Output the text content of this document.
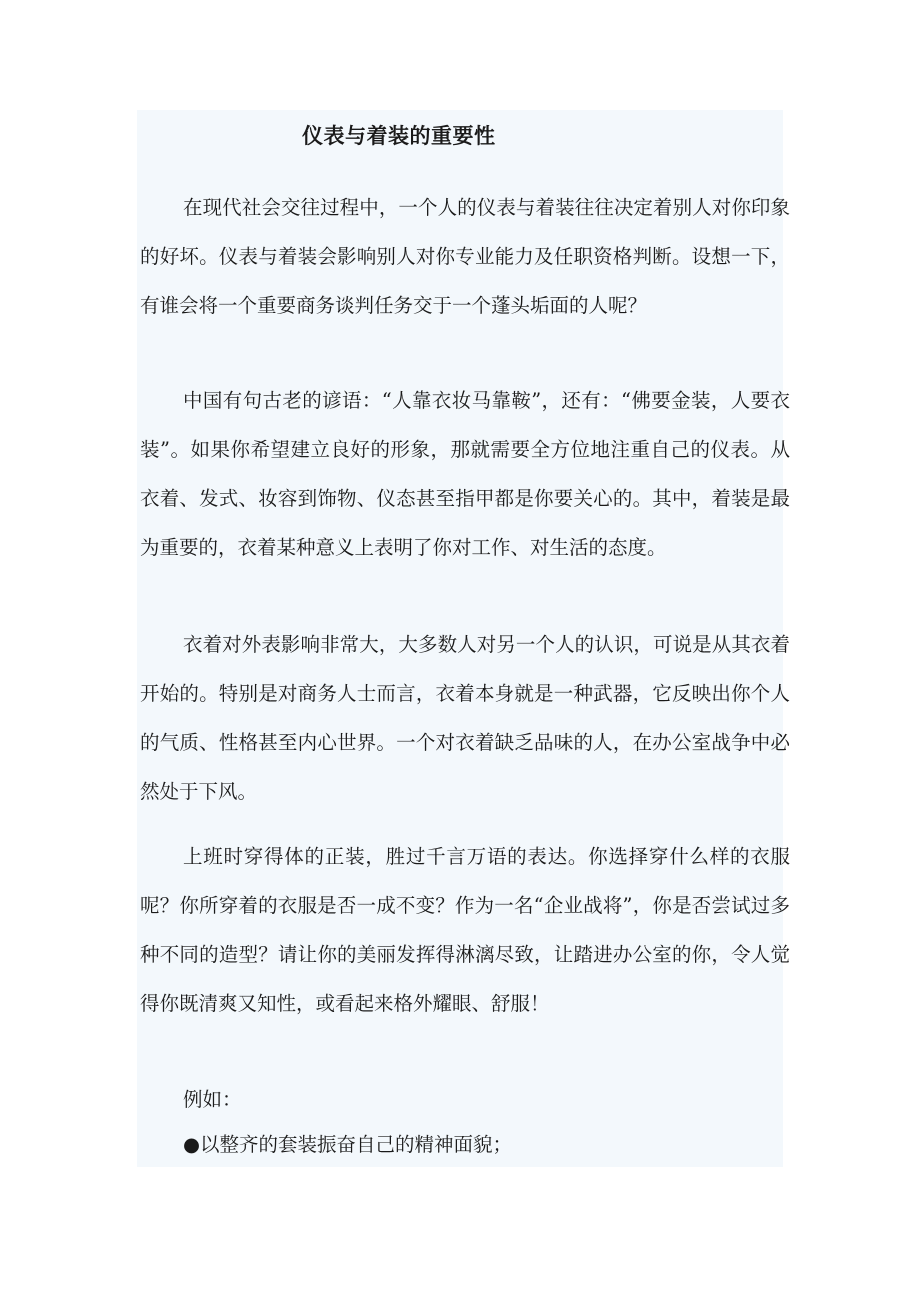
仪表与着装的重要性

在现代社会交往过程中，一个人的仪表与着装往往决定着别人对你印象的好坏。仪表与着装会影响别人对你专业能力及任职资格判断。设想一下，有谁会将一个重要商务谈判任务交于一个蓬头垢面的人呢？

中国有句古老的谚语：“人靠衣妆马靠鞍”，还有：“佛要金装，人要衣装”。如果你希望建立良好的形象，那就需要全方位地注重自己的仪表。从衣着、发式、妆容到饰物、仪态甚至指甲都是你要关心的。其中，着装是最为重要的，衣着某种意义上表明了你对工作、对生活的态度。

衣着对外表影响非常大，大多数人对另一个人的认识，可说是从其衣着开始的。特别是对商务人士而言，衣着本身就是一种武器，它反映出你个人的气质、性格甚至内心世界。一个对衣着缺乏品味的人，在办公室战争中必然处于下风。

上班时穿得体的正装，胜过千言万语的表达。你选择穿什么样的衣服呢？你所穿着的衣服是否一成不变？作为一名“企业战将”，你是否尝试过多种不同的造型？请让你的美丽发挥得淋漓尽致，让踏进办公室的你，令人觉得你既清爽又知性，或看起来格外耀眼、舒服！

例如：
●以整齐的套装振奋自己的精神面貌；
